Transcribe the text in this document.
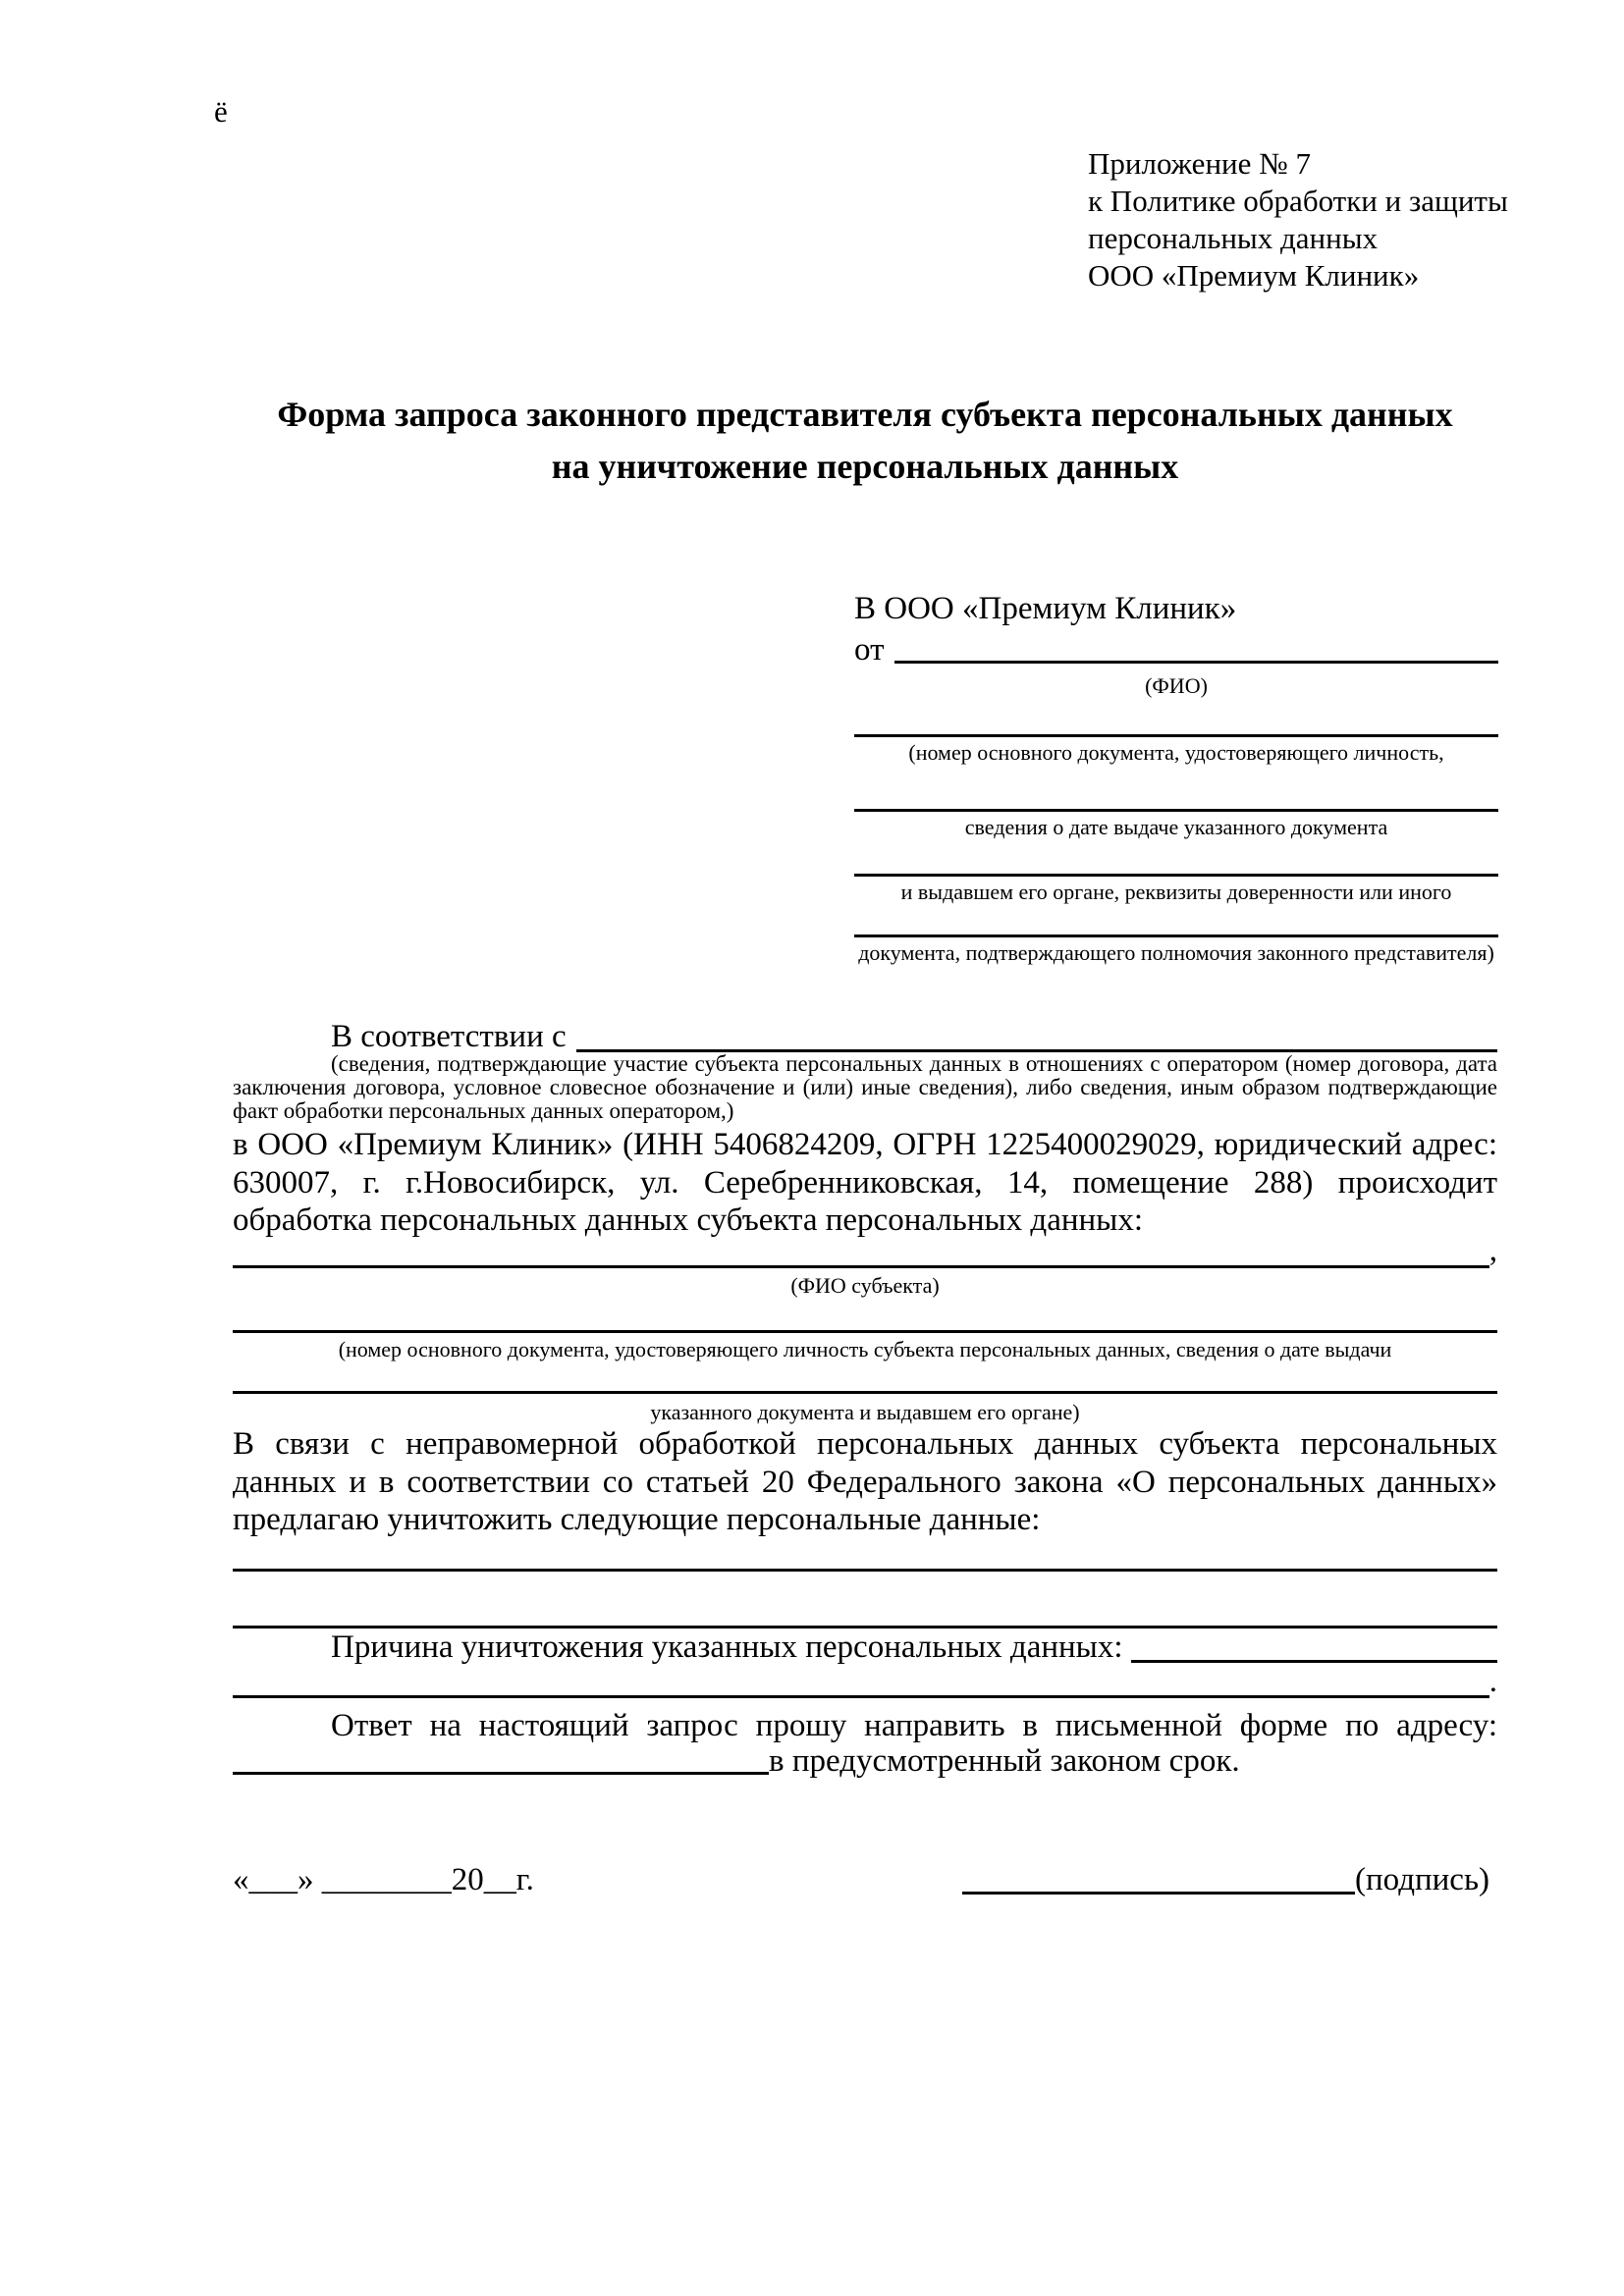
ё
Приложение № 7
к Политике обработки и защиты
персональных данных
ООО «Премиум Клиник»
Форма запроса законного представителя субъекта персональных данных
на уничтожение персональных данных
В ООО «Премиум Клиник»
от
(ФИО)
(номер основного документа, удостоверяющего личность,
сведения о дате выдаче указанного документа
и выдавшем его органе, реквизиты доверенности или иного
документа, подтверждающего полномочия законного представителя)
В соответствии с
(сведения, подтверждающие участие субъекта персональных данных в отношениях с оператором (номер договора, дата заключения договора, условное словесное обозначение и (или) иные сведения), либо сведения, иным образом подтверждающие факт обработки персональных данных оператором,)
в ООО «Премиум Клиник» (ИНН 5406824209, ОГРН 1225400029029, юридический адрес: 630007, г. г.Новосибирск, ул. Серебренниковская, 14, помещение 288) происходит обработка персональных данных субъекта персональных данных:
,
(ФИО субъекта)
(номер основного документа, удостоверяющего личность субъекта персональных данных, сведения о дате выдачи
указанного документа и выдавшем его органе)
В связи с неправомерной обработкой персональных данных субъекта персональных данных и в соответствии со статьей 20 Федерального закона «О персональных данных» предлагаю уничтожить следующие персональные данные:
Причина уничтожения указанных персональных данных:
.
Ответ на настоящий запрос прошу направить в письменной форме по адресу:
в предусмотренный законом срок.
«___» ________20__г.	(подпись)
